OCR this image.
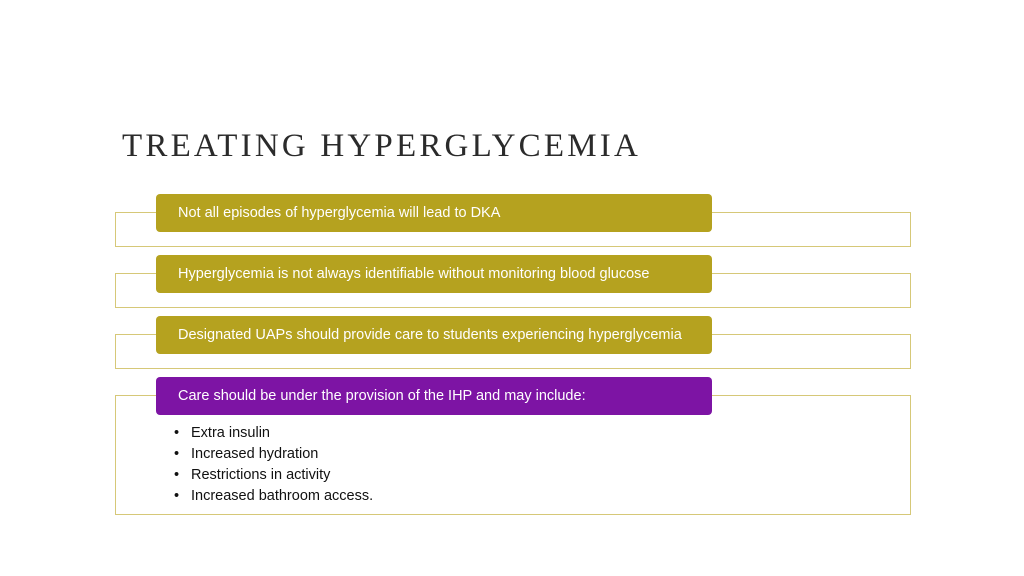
TREATING HYPERGLYCEMIA
Not all episodes of hyperglycemia will lead to DKA
Hyperglycemia is not always identifiable without monitoring blood glucose
Designated UAPs should provide care to students experiencing hyperglycemia
Care should be under the provision of the IHP and may include:
• Extra insulin
• Increased hydration
• Restrictions in activity
• Increased bathroom access.
